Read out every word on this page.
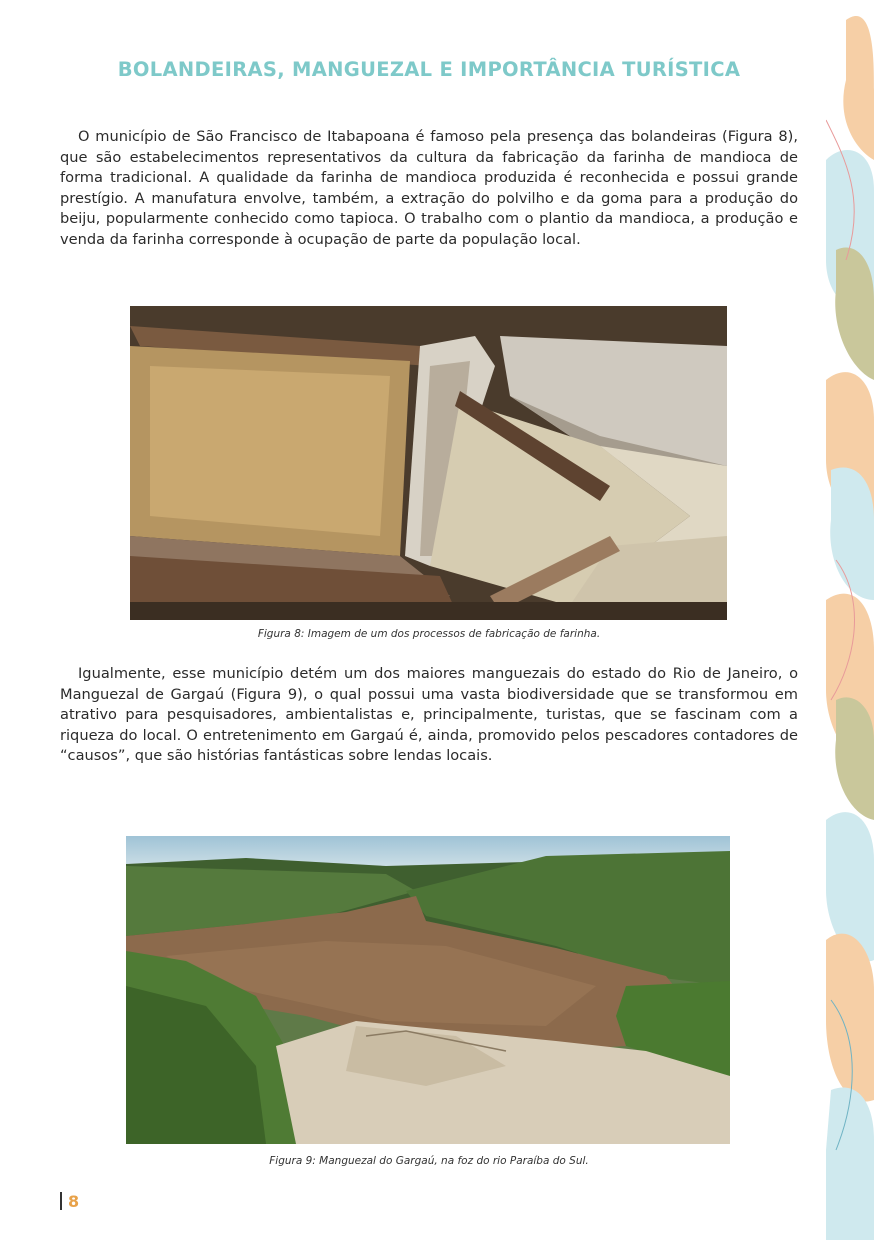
BOLANDEIRAS, MANGUEZAL E IMPORTÂNCIA TURÍSTICA

O município de São Francisco de Itabapoana é famoso pela presença das bolandeiras (Figura 8), que são estabelecimentos representativos da cultura da fabricação da farinha de mandioca de forma tradicional. A qualidade da farinha de mandioca produzida é reconhecida e possui grande prestígio. A manufatura envolve, também, a extração do polvilho e da goma para a produção do beiju, popularmente conhecido como tapioca. O trabalho com o plantio da mandioca, a produção e venda da farinha corresponde à ocupação de parte da população local.

Figura 8: Imagem de um dos processos de fabricação de farinha.

Igualmente, esse município detém um dos maiores manguezais do estado do Rio de Janeiro, o Manguezal de Gargaú (Figura 9), o qual possui uma vasta biodiversidade que se transformou em atrativo para pesquisadores, ambientalistas e, principalmente, turistas, que se fascinam com a riqueza do local. O entretenimento em Gargaú é, ainda, promovido pelos pescadores contadores de “causos”, que são histórias fantásticas sobre lendas locais.

Figura 9: Manguezal do Gargaú, na foz do rio Paraíba do Sul.

8
